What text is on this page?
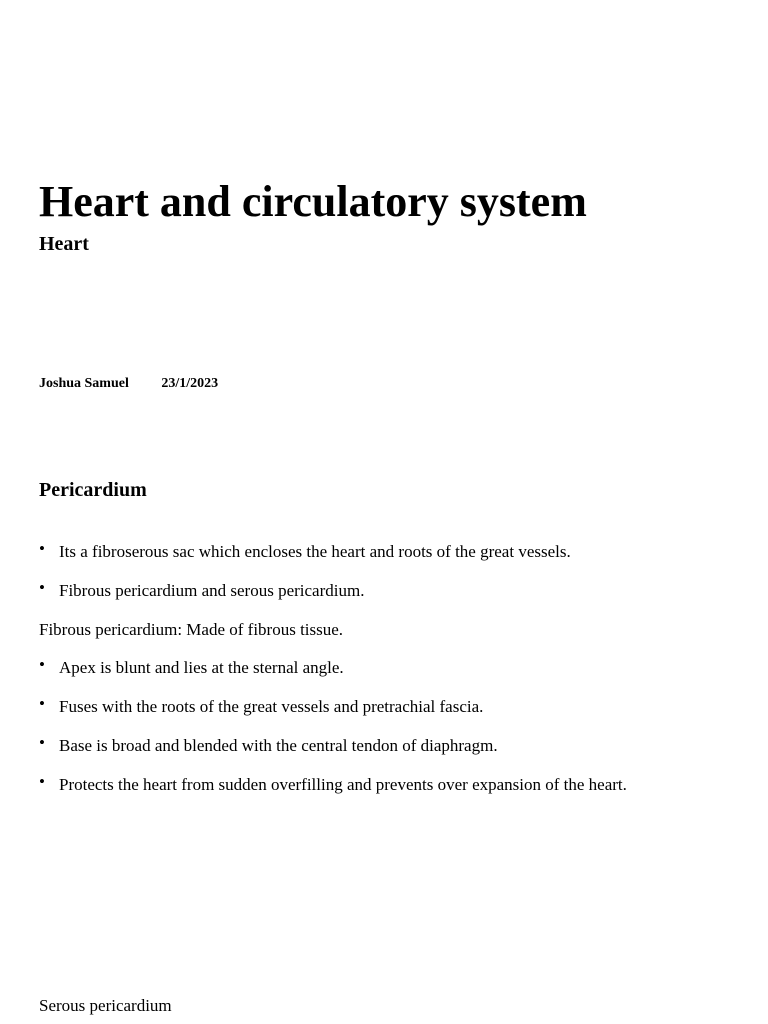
Heart and circulatory system
Heart
Joshua Samuel 23/1/2023
Pericardium
• Its a fibroserous sac which encloses the heart and roots of the great vessels.
• Fibrous pericardium and serous pericardium.
Fibrous pericardium: Made of fibrous tissue.
• Apex is blunt and lies at the sternal angle.
• Fuses with the roots of the great vessels and pretrachial fascia.
• Base is broad and blended with the central tendon of diaphragm.
• Protects the heart from sudden overfilling and prevents over expansion of the heart.
Serous pericardium
